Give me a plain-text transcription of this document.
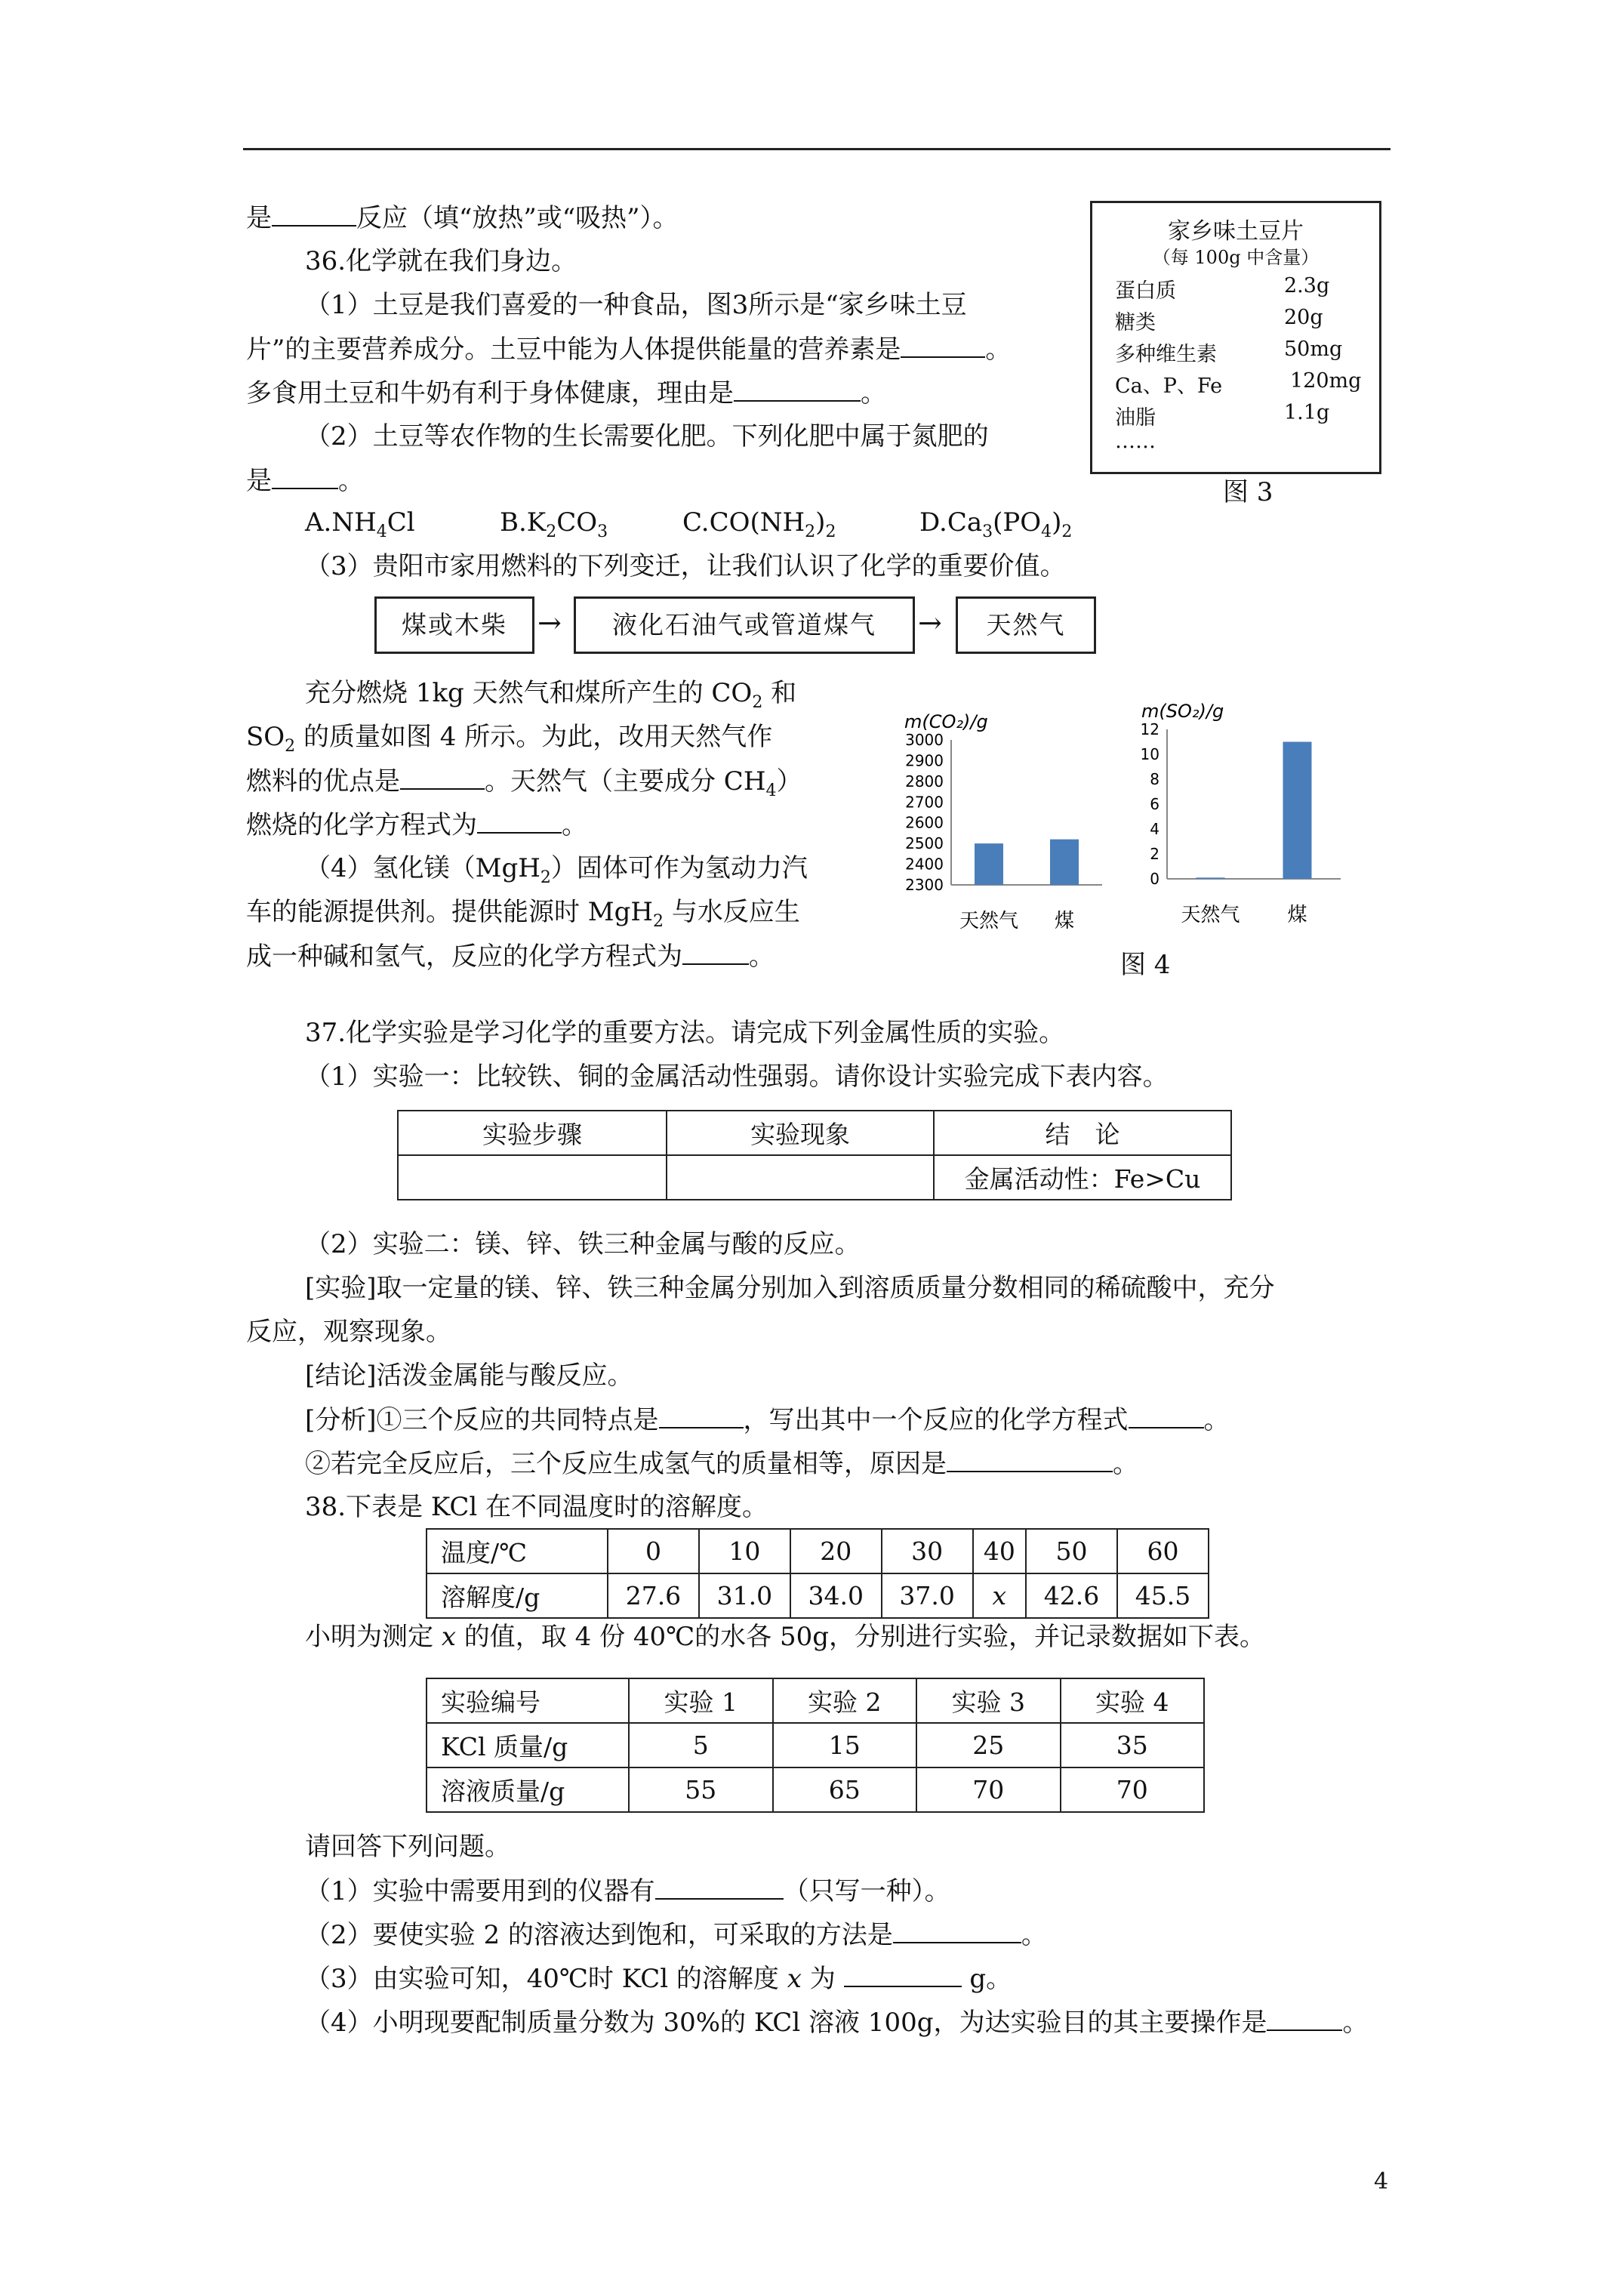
是	反应（填“放热”或“吸热”）。
36.化学就在我们身边。
（1）土豆是我们喜爱的一种食品，图3所示是“家乡味土豆
片”的主要营养成分。土豆中能为人体提供能量的营养素是	。
多食用土豆和牛奶有利于身体健康，理由是	。
（2）土豆等农作物的生长需要化肥。下列化肥中属于氮肥的
是	。
$A.NH_4Cl$	$B.K_2CO_3$	$C.CO(NH_2)_2$	$D.Ca_3(PO_4)_2$
家乡味土豆片
（每 100g 中含量）
蛋白质	2.3g
糖类	20g
多种维生素	50mg
Ca、P、Fe	120mg
油脂	1.1g
……
图 3
（3）贵阳市家用燃料的下列变迁，让我们认识了化学的重要价值。
煤或木柴	→	液化石油气或管道煤气	→	天然气
充分燃烧 1kg 天然气和煤所产生的 $CO_2$ 和
$SO_2$ 的质量如图 4 所示。为此，改用天然气作
燃料的优点是	。天然气（主要成分 $CH_4$）
燃烧的化学方程式为	。
（4）氢化镁（MgH$_2$）固体可作为氢动力汽
车的能源提供剂。提供能源时 MgH$_2$ 与水反应生
成一种碱和氢气，反应的化学方程式为	。
m(CO₂)/g
3000
2900
2800
2700
2600
2500
2400
2300
天然气 煤
m(SO₂)/g
12
10
8
6
4
2
0
天然气 煤
图 4
37.化学实验是学习化学的重要方法。请完成下列金属性质的实验。
（1）实验一：比较铁、铜的金属活动性强弱。请你设计实验完成下表内容。
实验步骤	实验现象	结　论
		金属活动性：Fe>Cu
（2）实验二：镁、锌、铁三种金属与酸的反应。
[实验]取一定量的镁、锌、铁三种金属分别加入到溶质质量分数相同的稀硫酸中，充分
反应，观察现象。
[结论]活泼金属能与酸反应。
[分析]①三个反应的共同特点是	，写出其中一个反应的化学方程式	。
②若完全反应后，三个反应生成氢气的质量相等，原因是	。
38.下表是 KCl 在不同温度时的溶解度。
温度/℃	0	10	20	30	40	50	60
溶解度/g	27.6	31.0	34.0	37.0	x	42.6	45.5
小明为测定 x 的值，取 4 份 40℃的水各 50g，分别进行实验，并记录数据如下表。
实验编号	实验 1	实验 2	实验 3	实验 4
KCl 质量/g	5	15	25	35
溶液质量/g	55	65	70	70
请回答下列问题。
（1）实验中需要用到的仪器有	（只写一种）。
（2）要使实验 2 的溶液达到饱和，可采取的方法是	。
（3）由实验可知，40℃时 KCl 的溶解度 x 为	g。
（4）小明现要配制质量分数为 30%的 KCl 溶液 100g，为达实验目的其主要操作是	。
4
